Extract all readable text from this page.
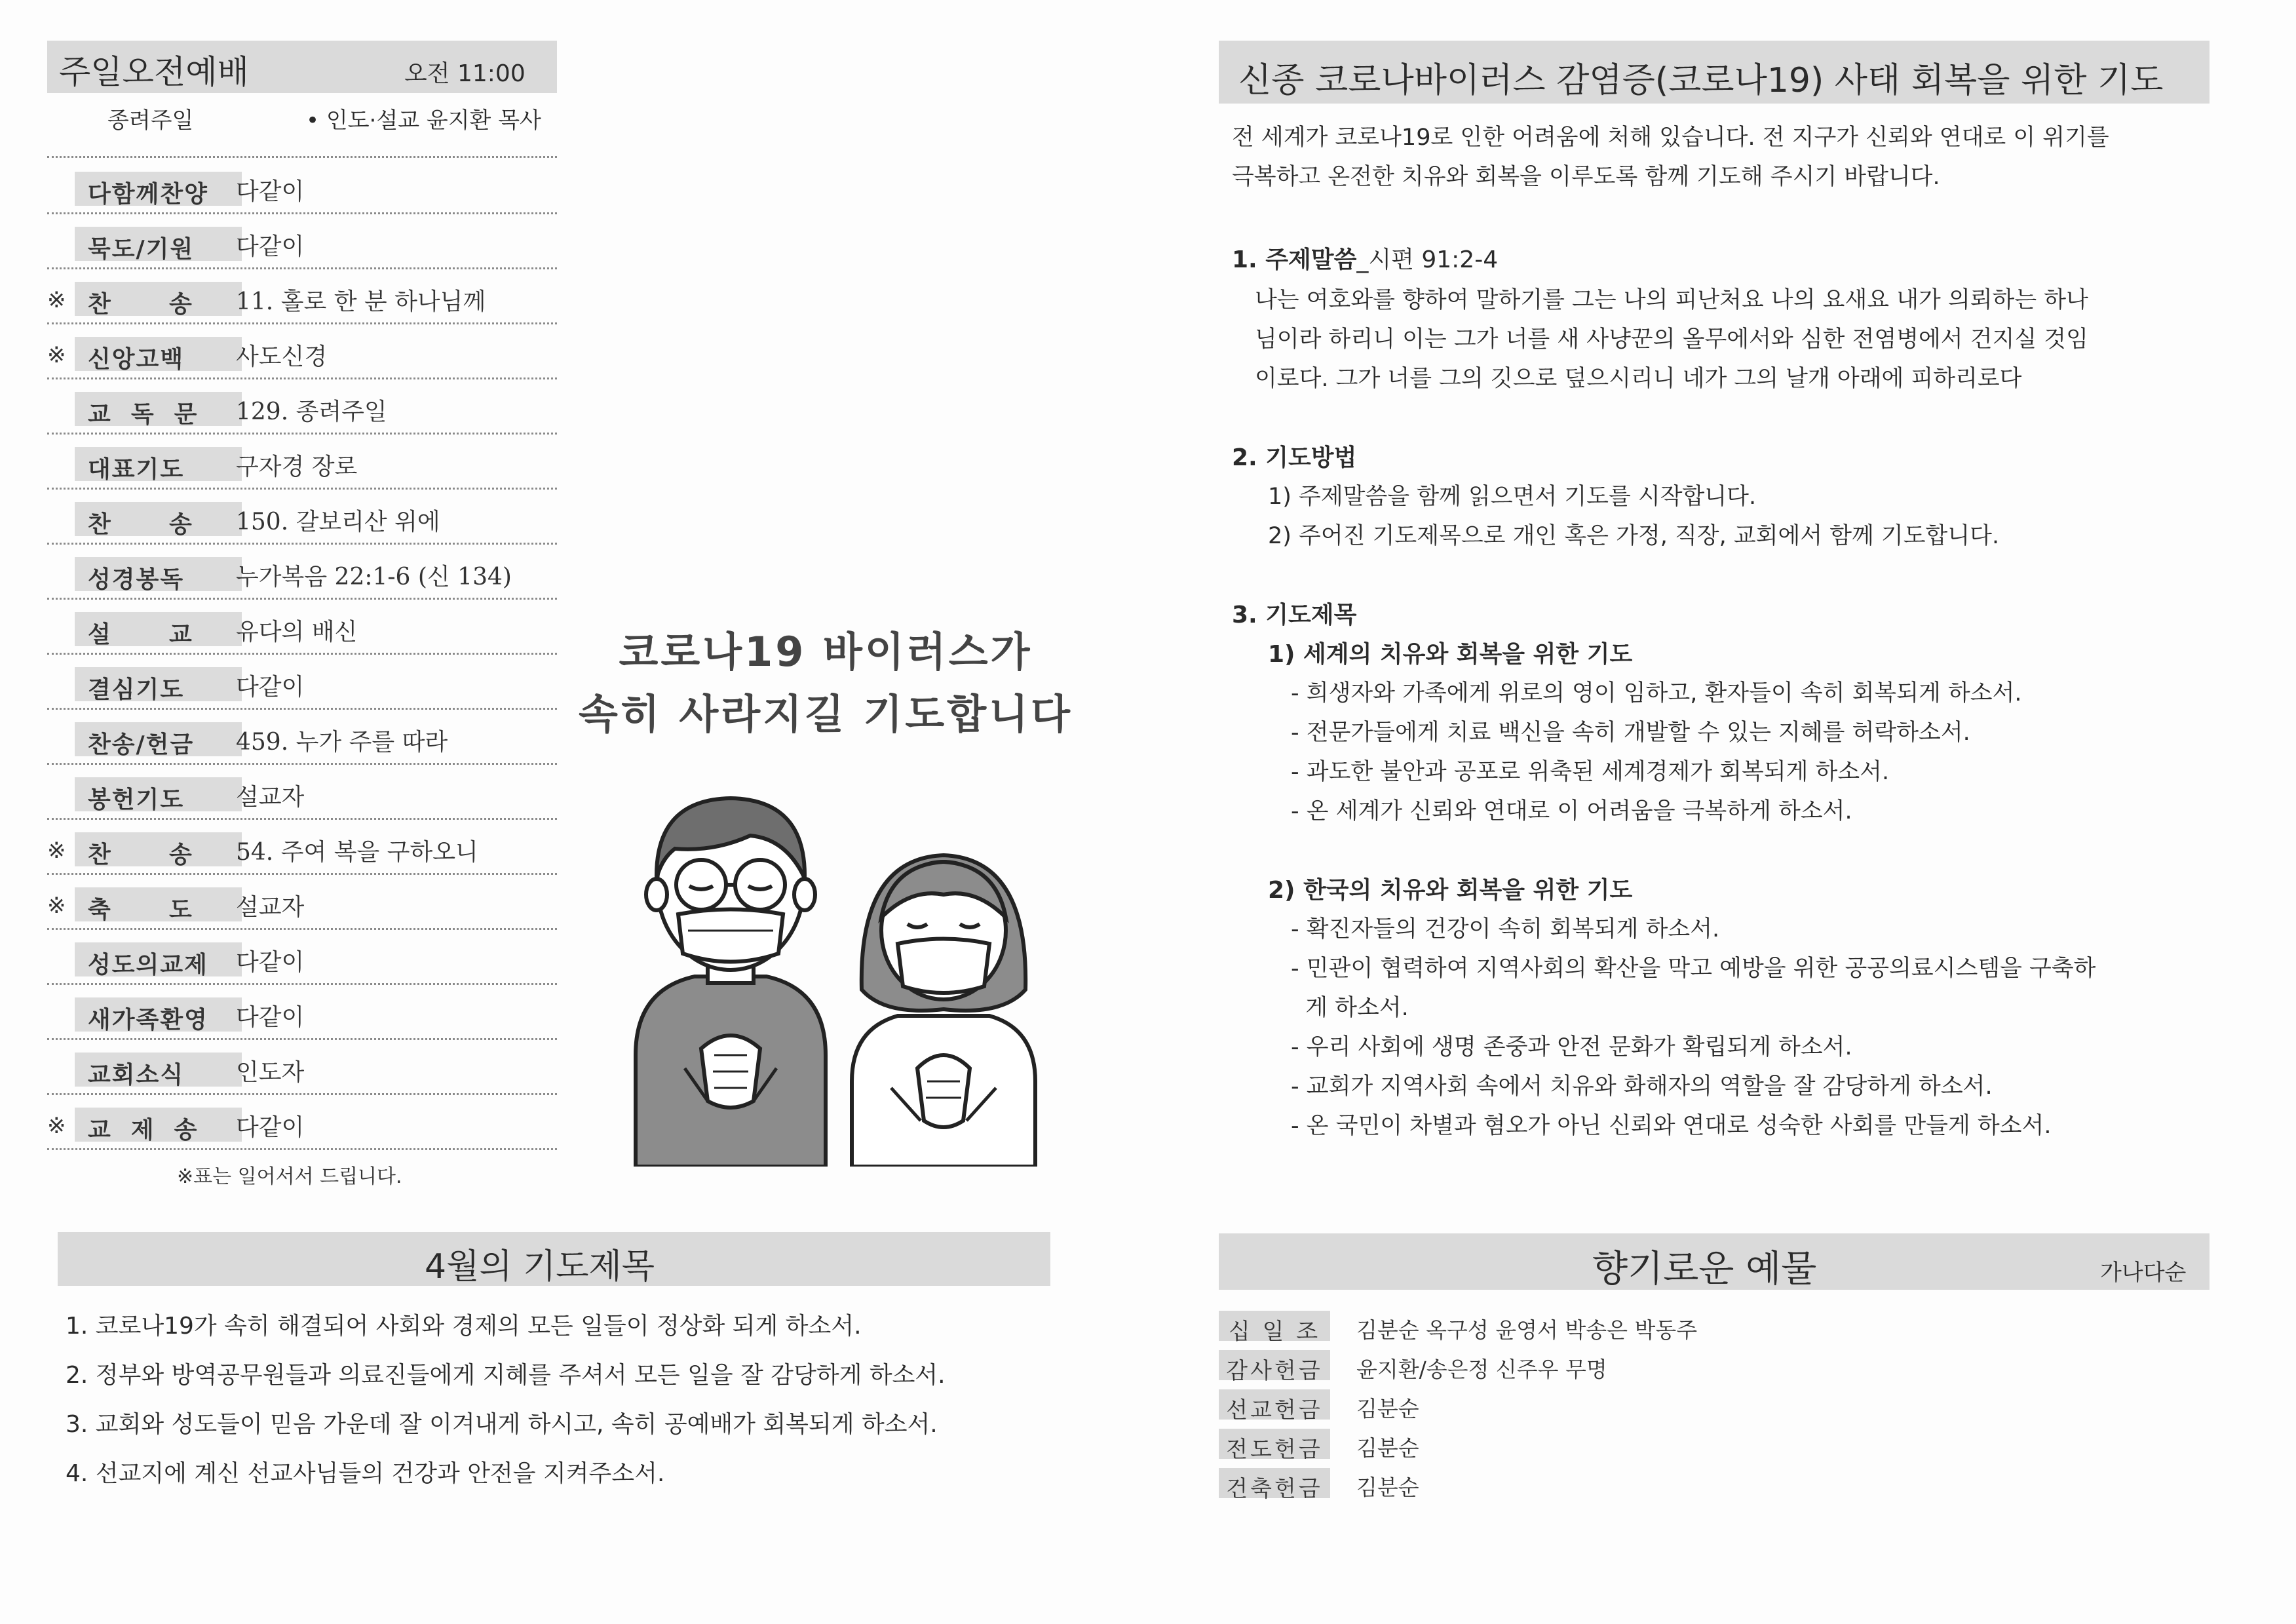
주일오전예배	오전 11:00
종려주일	• 인도·설교 윤지환 목사
다함께찬양 다같이
묵도/기원 다같이
※ 찬      송 11. 홀로 한 분 하나님께
※ 신앙고백 사도신경
교  독  문 129. 종려주일
대표기도 구자경 장로
찬      송 150. 갈보리산 위에
성경봉독 누가복음 22:1-6 (신 134)
설      교 유다의 배신
결심기도 다같이
찬송/헌금 459. 누가 주를 따라
봉헌기도 설교자
※ 찬      송 54. 주여 복을 구하오니
※ 축      도 설교자
성도의교제 다같이
새가족환영 다같이
교회소식 인도자
※ 교  제  송 다같이
※표는 일어서서 드립니다.
코로나19 바이러스가
속히 사라지길 기도합니다
신종 코로나바이러스 감염증(코로나19) 사태 회복을 위한 기도
전 세계가 코로나19로 인한 어려움에 처해 있습니다. 전 지구가 신뢰와 연대로 이 위기를
극복하고 온전한 치유와 회복을 이루도록 함께 기도해 주시기 바랍니다.
1. 주제말씀_시편 91:2-4
나는 여호와를 향하여 말하기를 그는 나의 피난처요 나의 요새요 내가 의뢰하는 하나
님이라 하리니 이는 그가 너를 새 사냥꾼의 올무에서와 심한 전염병에서 건지실 것임
이로다. 그가 너를 그의 깃으로 덮으시리니 네가 그의 날개 아래에 피하리로다
2. 기도방법
1) 주제말씀을 함께 읽으면서 기도를 시작합니다.
2) 주어진 기도제목으로 개인 혹은 가정, 직장, 교회에서 함께 기도합니다.
3. 기도제목
1) 세계의 치유와 회복을 위한 기도
- 희생자와 가족에게 위로의 영이 임하고, 환자들이 속히 회복되게 하소서.
- 전문가들에게 치료 백신을 속히 개발할 수 있는 지혜를 허락하소서.
- 과도한 불안과 공포로 위축된 세계경제가 회복되게 하소서.
- 온 세계가 신뢰와 연대로 이 어려움을 극복하게 하소서.
2) 한국의 치유와 회복을 위한 기도
- 확진자들의 건강이 속히 회복되게 하소서.
- 민관이 협력하여 지역사회의 확산을 막고 예방을 위한 공공의료시스템을 구축하
게 하소서.
- 우리 사회에 생명 존중과 안전 문화가 확립되게 하소서.
- 교회가 지역사회 속에서 치유와 화해자의 역할을 잘 감당하게 하소서.
- 온 국민이 차별과 혐오가 아닌 신뢰와 연대로 성숙한 사회를 만들게 하소서.
4월의 기도제목
1. 코로나19가 속히 해결되어 사회와 경제의 모든 일들이 정상화 되게 하소서.
2. 정부와 방역공무원들과 의료진들에게 지혜를 주셔서 모든 일을 잘 감당하게 하소서.
3. 교회와 성도들이 믿음 가운데 잘 이겨내게 하시고, 속히 공예배가 회복되게 하소서.
4. 선교지에 계신 선교사님들의 건강과 안전을 지켜주소서.
향기로운 예물	가나다순
십 일 조	김분순 옥구성 윤영서 박송은 박동주
감사헌금	윤지환/송은정 신주우 무명
선교헌금	김분순
전도헌금	김분순
건축헌금	김분순
